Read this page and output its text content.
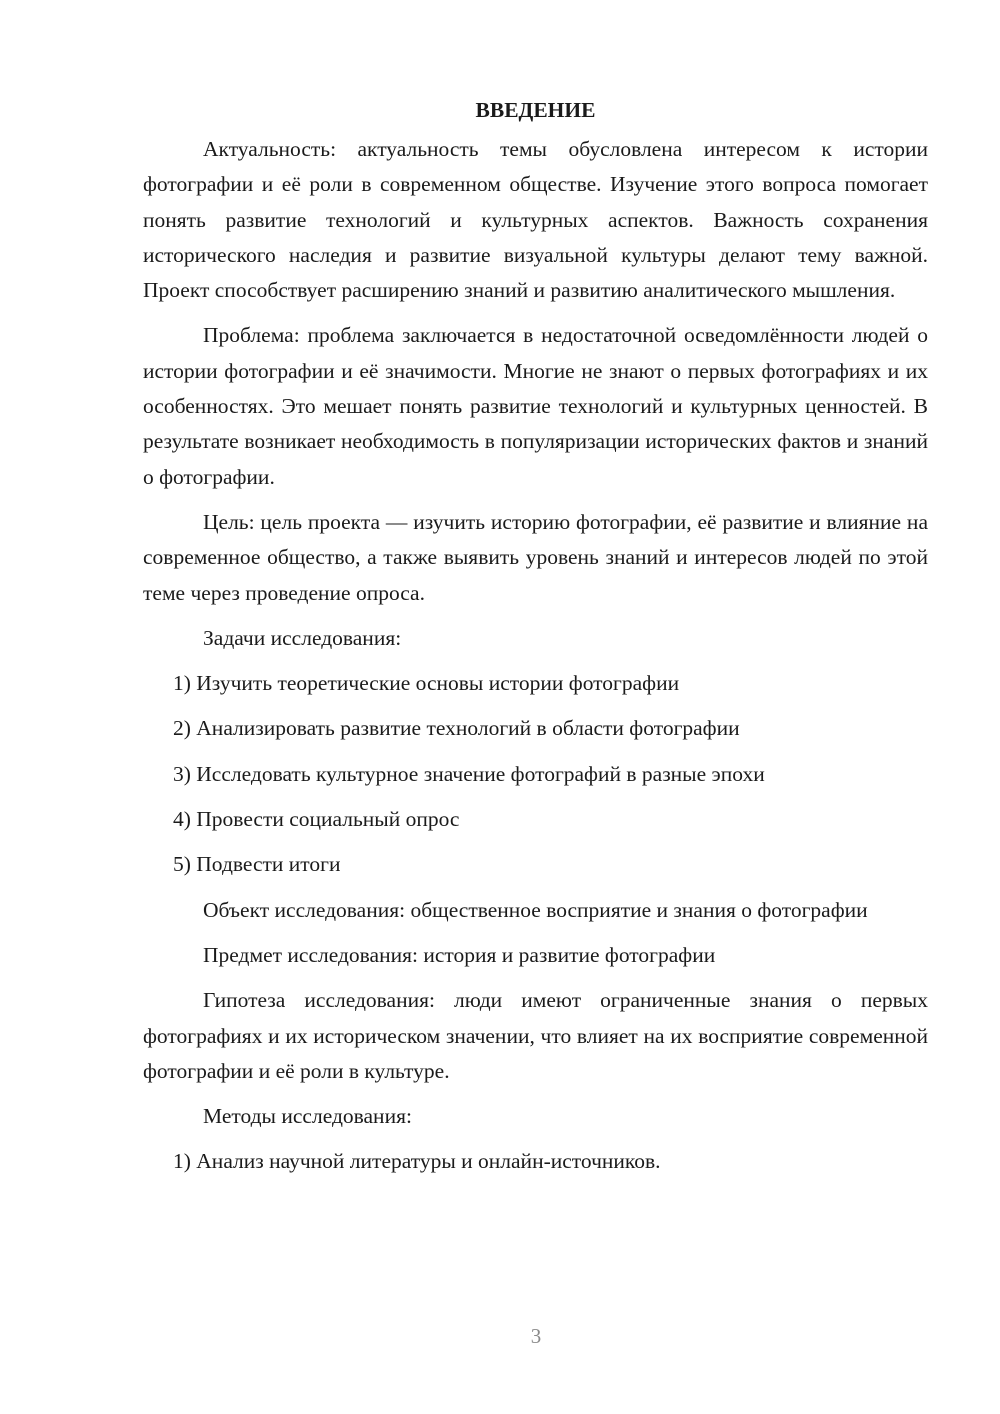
ВВЕДЕНИЕ

Актуальность: актуальность темы обусловлена интересом к истории фотографии и её роли в современном обществе. Изучение этого вопроса помогает понять развитие технологий и культурных аспектов. Важность сохранения исторического наследия и развитие визуальной культуры делают тему важной. Проект способствует расширению знаний и развитию аналитического мышления.

Проблема: проблема заключается в недостаточной осведомлённости людей о истории фотографии и её значимости. Многие не знают о первых фотографиях и их особенностях. Это мешает понять развитие технологий и культурных ценностей. В результате возникает необходимость в популяризации исторических фактов и знаний о фотографии.

Цель: цель проекта — изучить историю фотографии, её развитие и влияние на современное общество, а также выявить уровень знаний и интересов людей по этой теме через проведение опроса.

Задачи исследования:

1) Изучить теоретические основы истории фотографии

2) Анализировать развитие технологий в области фотографии

3) Исследовать культурное значение фотографий в разные эпохи

4) Провести социальный опрос

5) Подвести итоги

Объект исследования: общественное восприятие и знания о фотографии

Предмет исследования: история и развитие фотографии

Гипотеза исследования: люди имеют ограниченные знания о первых фотографиях и их историческом значении, что влияет на их восприятие современной фотографии и её роли в культуре.

Методы исследования:

1) Анализ научной литературы и онлайн-источников.

3
